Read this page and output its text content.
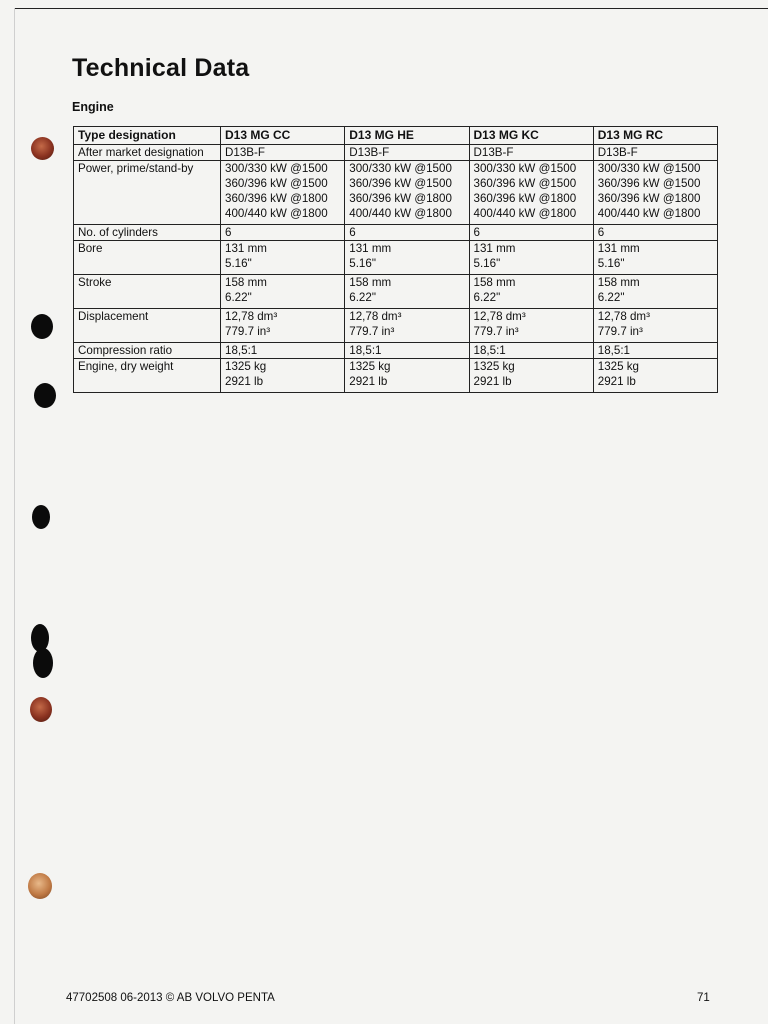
Technical Data
Engine
Type designation	D13 MG CC	D13 MG HE	D13 MG KC	D13 MG RC
After market designation	D13B-F	D13B-F	D13B-F	D13B-F

Power, prime/stand-by	300/330 kW @1500
360/396 kW @1500
360/396 kW @1800
400/440 kW @1800	300/330 kW @1500
360/396 kW @1500
360/396 kW @1800
400/440 kW @1800	300/330 kW @1500
360/396 kW @1500
360/396 kW @1800
400/440 kW @1800	300/330 kW @1500
360/396 kW @1500
360/396 kW @1800
400/440 kW @1800

No. of cylinders	6	6	6	6

Bore	131 mm
5.16"	131 mm
5.16"	131 mm
5.16"	131 mm
5.16"

Stroke	158 mm
6.22"	158 mm
6.22"	158 mm
6.22"	158 mm
6.22"

Displacement	12,78 dm³
779.7 in³	12,78 dm³
779.7 in³	12,78 dm³
779.7 in³	12,78 dm³
779.7 in³

Compression ratio	18,5:1	18,5:1	18,5:1	18,5:1

Engine, dry weight	1325 kg
2921 lb	1325 kg
2921 lb	1325 kg
2921 lb	1325 kg
2921 lb
47702508 06-2013 © AB VOLVO PENTA	71
